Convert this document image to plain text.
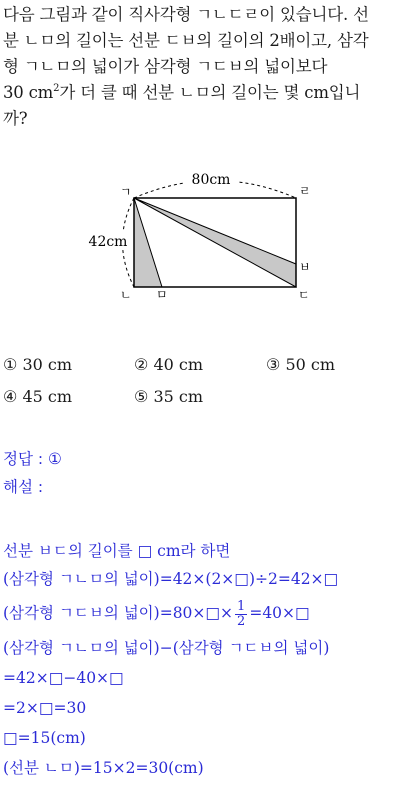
다음 그림과 같이 직사각형 ㄱㄴㄷㄹ이 있습니다. 선

분 ㄴㅁ의 길이는 선분 ㄷㅂ의 길이의 2배이고, 삼각

형 ㄱㄴㅁ의 넓이가 삼각형 ㄱㄷㅂ의 넓이보다

30 $cm^2$가 더 클 때 선분 ㄴㅁ의 길이는 몇 cm입니

까?

80cm
42cm
ㄱ	ㄹ
ㄴ ㅁ	ㄷ
ㅂ
① 30 cm	② 40 cm	③ 50 cm
④ 45 cm	⑤ 35 cm
정답 : ①
해설 :
선분 ㅂㄷ의 길이를 □ cm라 하면
(삼각형 ㄱㄴㅁ의 넓이)=42×(2×□)÷2=42×□
(삼각형 ㄱㄷㅂ의 넓이)=80×□× $\frac{1}{2}$ =40×□
(삼각형 ㄱㄴㅁ의 넓이)−(삼각형 ㄱㄷㅂ의 넓이)
=42×□−40×□
=2×□=30
□=15(cm)
(선분 ㄴㅁ)=15×2=30(cm)
